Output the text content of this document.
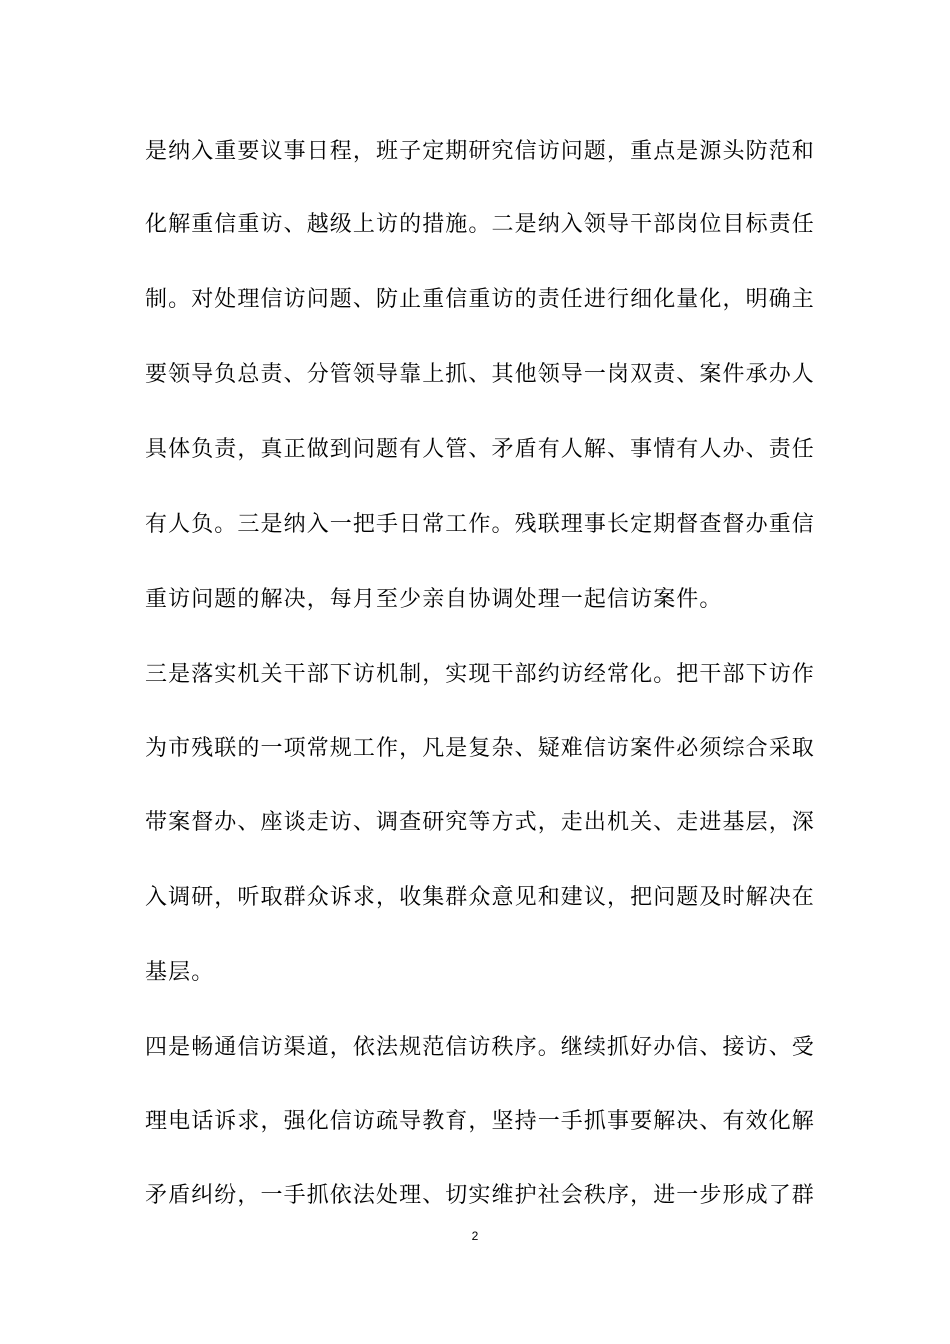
是纳入重要议事日程，班子定期研究信访问题，重点是源头防范和
化解重信重访、越级上访的措施。二是纳入领导干部岗位目标责任
制。对处理信访问题、防止重信重访的责任进行细化量化，明确主
要领导负总责、分管领导靠上抓、其他领导一岗双责、案件承办人
具体负责，真正做到问题有人管、矛盾有人解、事情有人办、责任
有人负。三是纳入一把手日常工作。残联理事长定期督查督办重信
重访问题的解决，每月至少亲自协调处理一起信访案件。
三是落实机关干部下访机制，实现干部约访经常化。把干部下访作
为市残联的一项常规工作，凡是复杂、疑难信访案件必须综合采取
带案督办、座谈走访、调查研究等方式，走出机关、走进基层，深
入调研，听取群众诉求，收集群众意见和建议，把问题及时解决在
基层。
四是畅通信访渠道，依法规范信访秩序。继续抓好办信、接访、受
理电话诉求，强化信访疏导教育，坚持一手抓事要解决、有效化解
矛盾纠纷，一手抓依法处理、切实维护社会秩序，进一步形成了群
2
